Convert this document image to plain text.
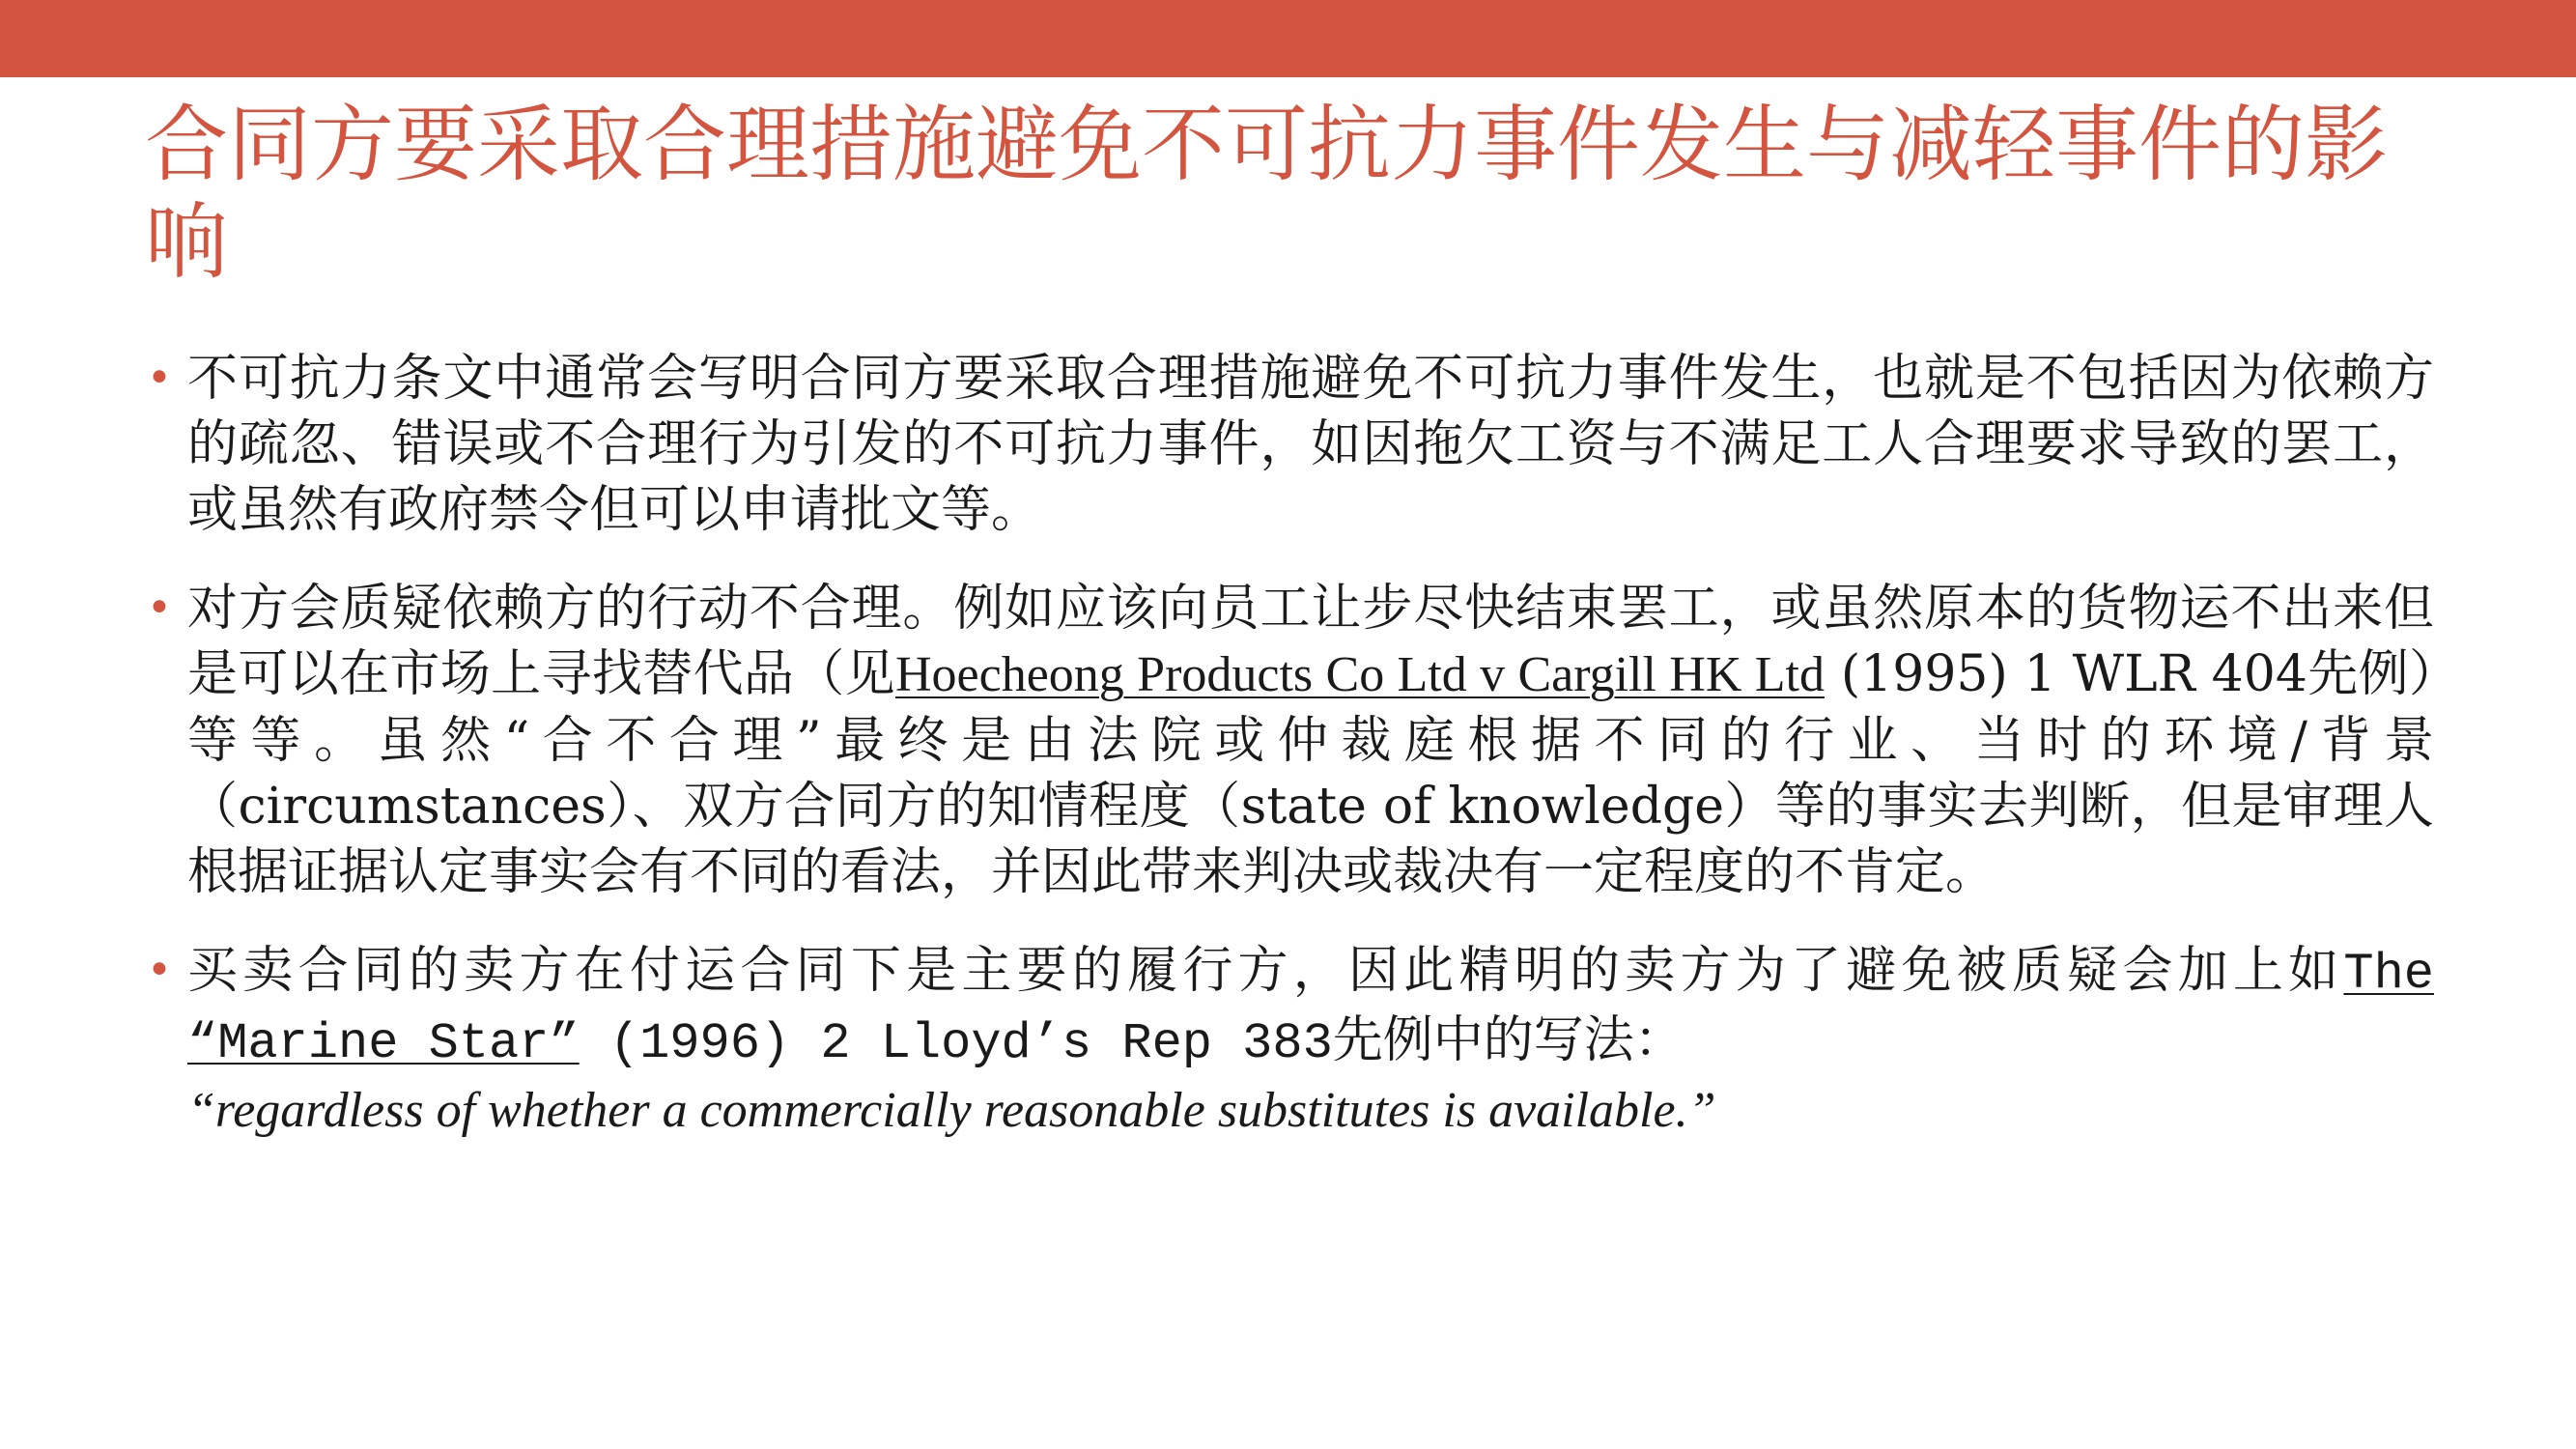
合同方要采取合理措施避免不可抗力事件发生与减轻事件的影响
• 不可抗力条文中通常会写明合同方要采取合理措施避免不可抗力事件发生，也就是不包括因为依赖方的疏忽、错误或不合理行为引发的不可抗力事件，如因拖欠工资与不满足工人合理要求导致的罢工，或虽然有政府禁令但可以申请批文等。
• 对方会质疑依赖方的行动不合理。例如应该向员工让步尽快结束罢工，或虽然原本的货物运不出来但是可以在市场上寻找替代品（见Hoecheong Products Co Ltd v Cargill HK Ltd (1995) 1 WLR 404先例）等等。虽然“合不合理”最终是由法院或仲裁庭根据不同的行业、当时的环境/背景（circumstances）、双方合同方的知情程度（state of knowledge）等的事实去判断，但是审理人根据证据认定事实会有不同的看法，并因此带来判决或裁决有一定程度的不肯定。
• 买卖合同的卖方在付运合同下是主要的履行方，因此精明的卖方为了避免被质疑会加上如The “Marine Star” (1996) 2 Lloyd’s Rep 383先例中的写法：
“regardless of whether a commercially reasonable substitutes is available.”
